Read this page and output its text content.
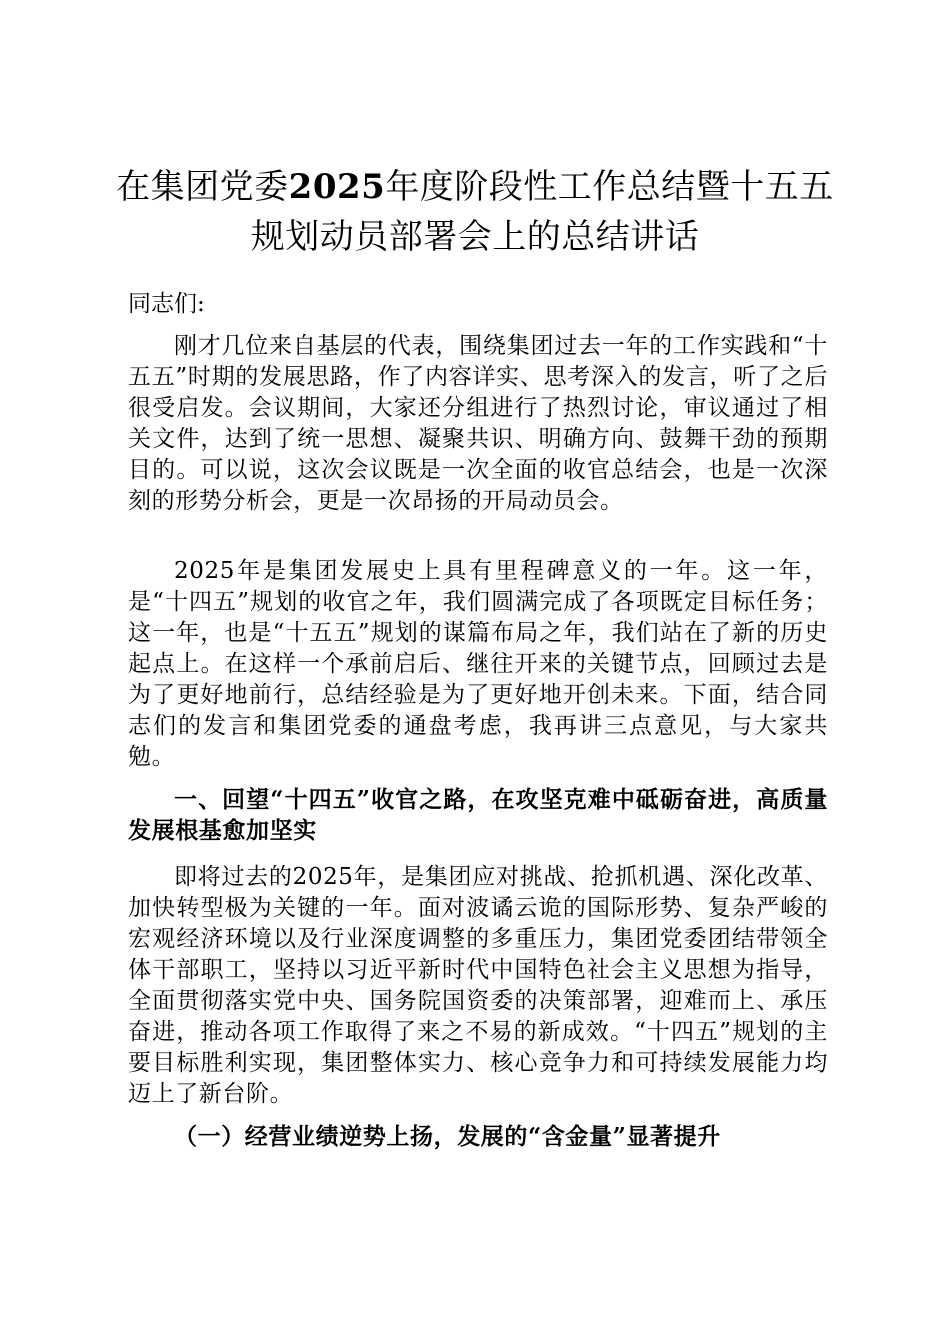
在集团党委2025年度阶段性工作总结暨十五五规划动员部署会上的总结讲话

同志们:

刚才几位来自基层的代表，围绕集团过去一年的工作实践和“十五五”时期的发展思路，作了内容详实、思考深入的发言，听了之后很受启发。会议期间，大家还分组进行了热烈讨论，审议通过了相关文件，达到了统一思想、凝聚共识、明确方向、鼓舞干劲的预期目的。可以说，这次会议既是一次全面的收官总结会，也是一次深刻的形势分析会，更是一次昂扬的开局动员会。

2025年是集团发展史上具有里程碑意义的一年。这一年，是“十四五”规划的收官之年，我们圆满完成了各项既定目标任务；这一年，也是“十五五”规划的谋篇布局之年，我们站在了新的历史起点上。在这样一个承前启后、继往开来的关键节点，回顾过去是为了更好地前行，总结经验是为了更好地开创未来。下面，结合同志们的发言和集团党委的通盘考虑，我再讲三点意见，与大家共勉。

一、回望“十四五”收官之路，在攻坚克难中砥砺奋进，高质量发展根基愈加坚实

即将过去的2025年，是集团应对挑战、抢抓机遇、深化改革、加快转型极为关键的一年。面对波谲云诡的国际形势、复杂严峻的宏观经济环境以及行业深度调整的多重压力，集团党委团结带领全体干部职工，坚持以习近平新时代中国特色社会主义思想为指导，全面贯彻落实党中央、国务院国资委的决策部署，迎难而上、承压奋进，推动各项工作取得了来之不易的新成效。“十四五”规划的主要目标胜利实现，集团整体实力、核心竞争力和可持续发展能力均迈上了新台阶。

（一）经营业绩逆势上扬，发展的“含金量”显著提升
